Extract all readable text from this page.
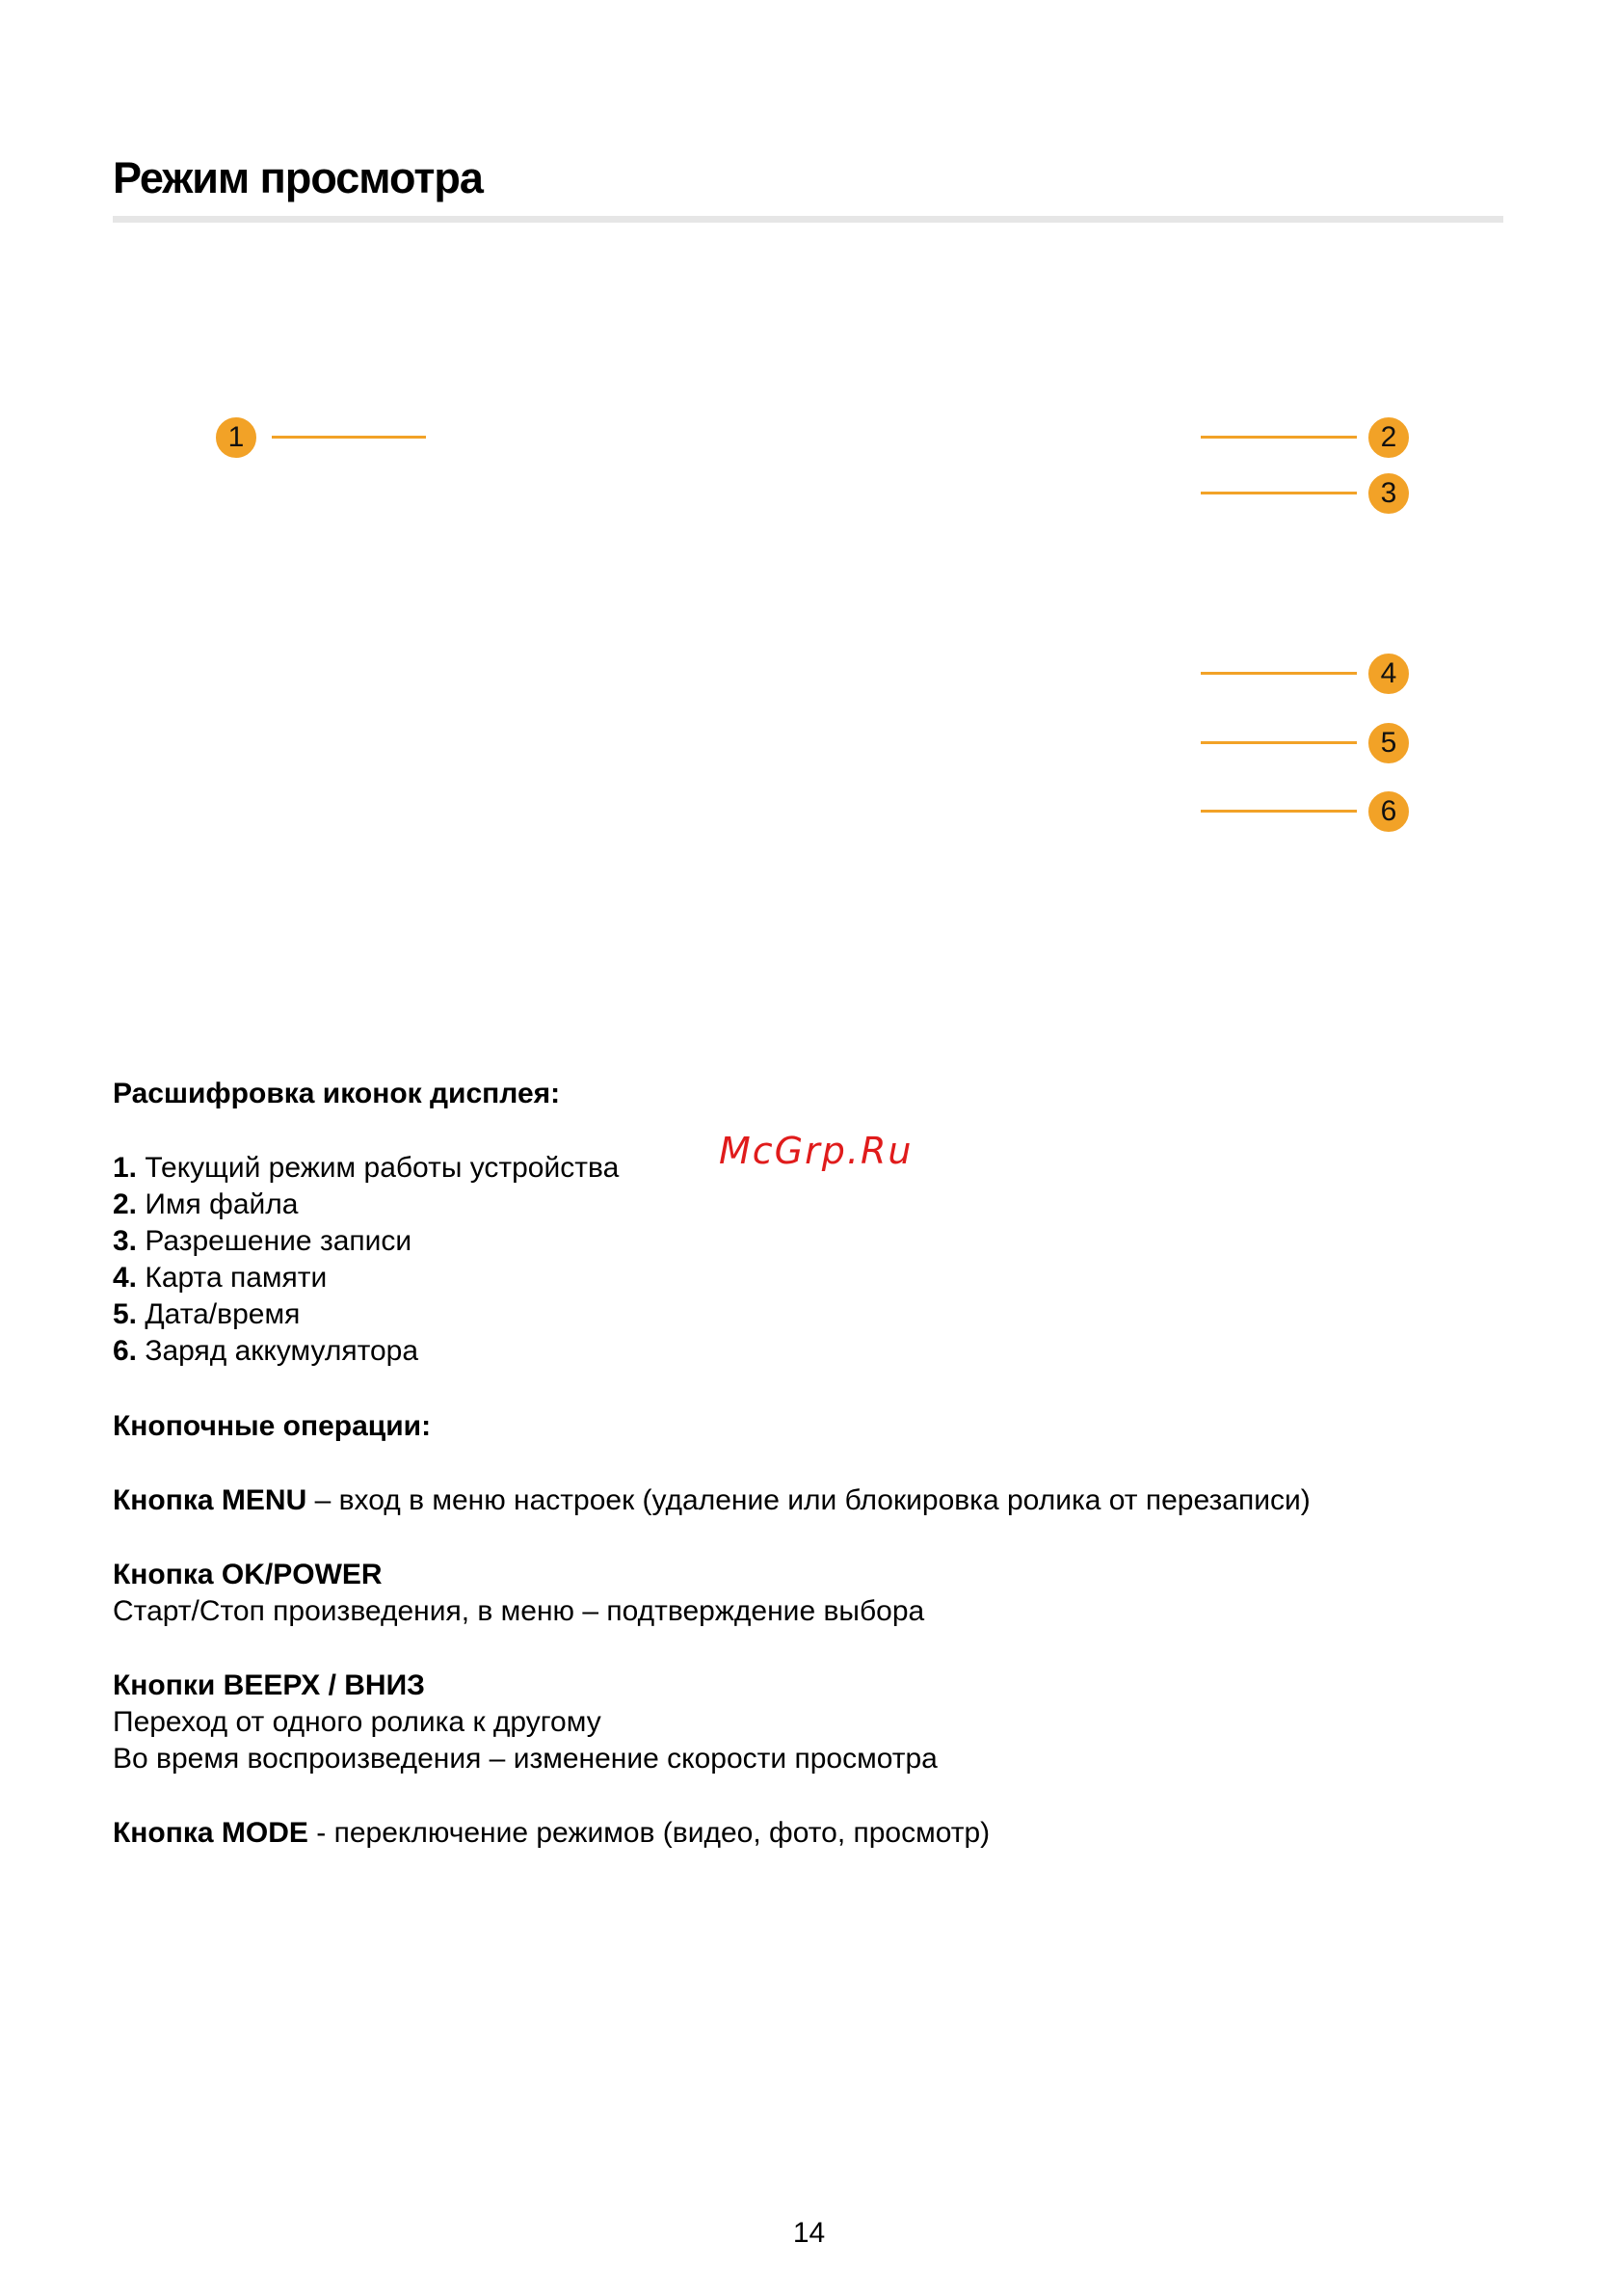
Режим просмотра
1	2
3
4
5
6
Расшифровка иконок дисплея:
McGrp.Ru
1. Текущий режим работы устройства
2. Имя файла
3. Разрешение записи
4. Карта памяти
5. Дата/время
6. Заряд аккумулятора
Кнопочные операции:
Кнопка MENU – вход в меню настроек (удаление или блокировка ролика от перезаписи)
Кнопка OK/POWER
Старт/Стоп произведения, в меню – подтверждение выбора
Кнопки ВЕЕРХ / ВНИЗ
Переход от одного ролика к другому
Во время воспроизведения – изменение скорости просмотра
Кнопка MODE - переключение режимов (видео, фото, просмотр)
14
